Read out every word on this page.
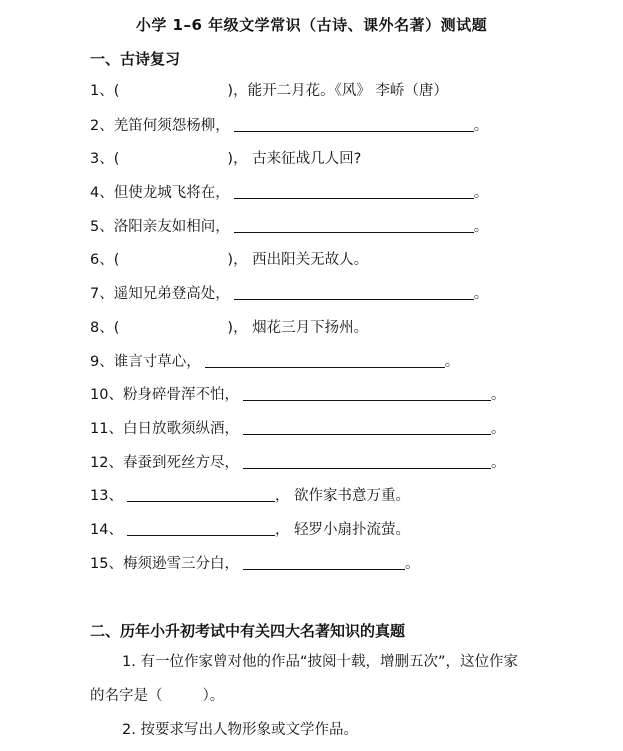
小学 1–6 年级文学常识（古诗、课外名著）测试题
一、古诗复习
1、(	)，能开二月花。《风》 李峤（唐）
2、羌笛何须怨杨柳，	。
3、(	)， 古来征战几人回?
4、但使龙城飞将在，	。
5、洛阳亲友如相问，	。
6、(	)， 西出阳关无故人。
7、遥知兄弟登高处，	。
8、(	)， 烟花三月下扬州。
9、谁言寸草心，	。
10、粉身碎骨浑不怕，	。
11、白日放歌须纵酒，	。
12、春蚕到死丝方尽，	。
13、	， 欲作家书意万重。
14、	， 轻罗小扇扑流萤。
15、梅须逊雪三分白，	。
二、历年小升初考试中有关四大名著知识的真题
1. 有一位作家曾对他的作品“披阅十载，增删五次”，这位作家
的名字是（	）。
2. 按要求写出人物形象或文学作品。
